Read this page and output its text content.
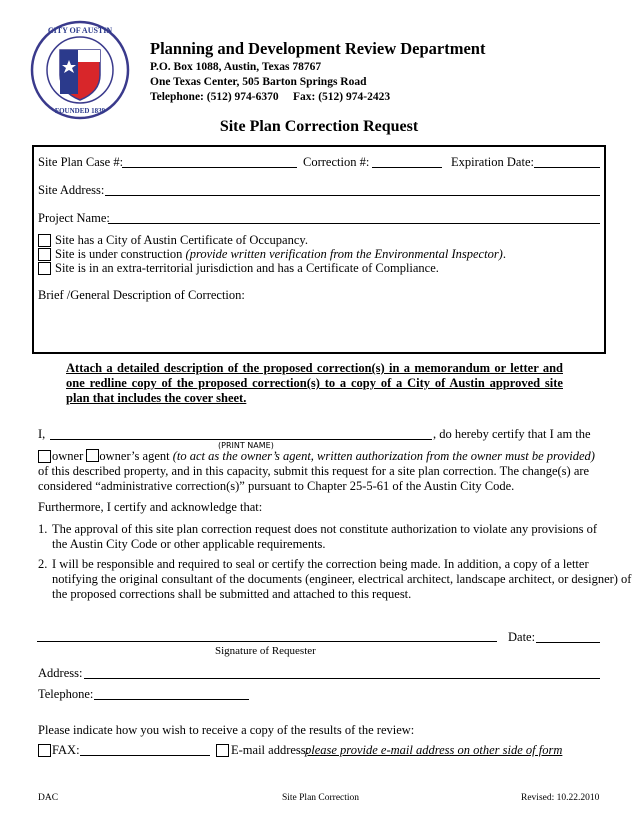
CITY OF AUSTIN
FOUNDED 1839
Planning and Development Review Department
P.O. Box 1088, Austin, Texas 78767
One Texas Center, 505 Barton Springs Road
Telephone: (512) 974-6370     Fax: (512) 974-2423
Site Plan Correction Request
Site Plan Case #:	Correction #:	Expiration Date:
Site Address:
Project Name:
Site has a City of Austin Certificate of Occupancy.
Site is under construction (provide written verification from the Environmental Inspector).
Site is in an extra-territorial jurisdiction and has a Certificate of Compliance.
Brief /General Description of Correction:
Attach a detailed description of the proposed correction(s) in a memorandum or letter and
one redline copy of the proposed correction(s) to a copy of a City of Austin approved site
plan that includes the cover sheet.
I,	, do hereby certify that I am the
(PRINT NAME)
owner owner’s agent (to act as the owner’s agent, written authorization from the owner must be provided)
of this described property, and in this capacity, submit this request for a site plan correction. The change(s) are
considered “administrative correction(s)” pursuant to Chapter 25-5-61 of the Austin City Code.
Furthermore, I certify and acknowledge that:
1. The approval of this site plan correction request does not constitute authorization to violate any provisions of
the Austin City Code or other applicable requirements.
2. I will be responsible and required to seal or certify the correction being made. In addition, a copy of a letter
notifying the original consultant of the documents (engineer, electrical architect, landscape architect, or designer) of
the proposed corrections shall be submitted and attached to this request.
Date:
Signature of Requester
Address:
Telephone:
Please indicate how you wish to receive a copy of the results of the review:
FAX:	E-mail address:
please provide e-mail address on other side of form
DAC	Site Plan Correction	Revised: 10.22.2010
